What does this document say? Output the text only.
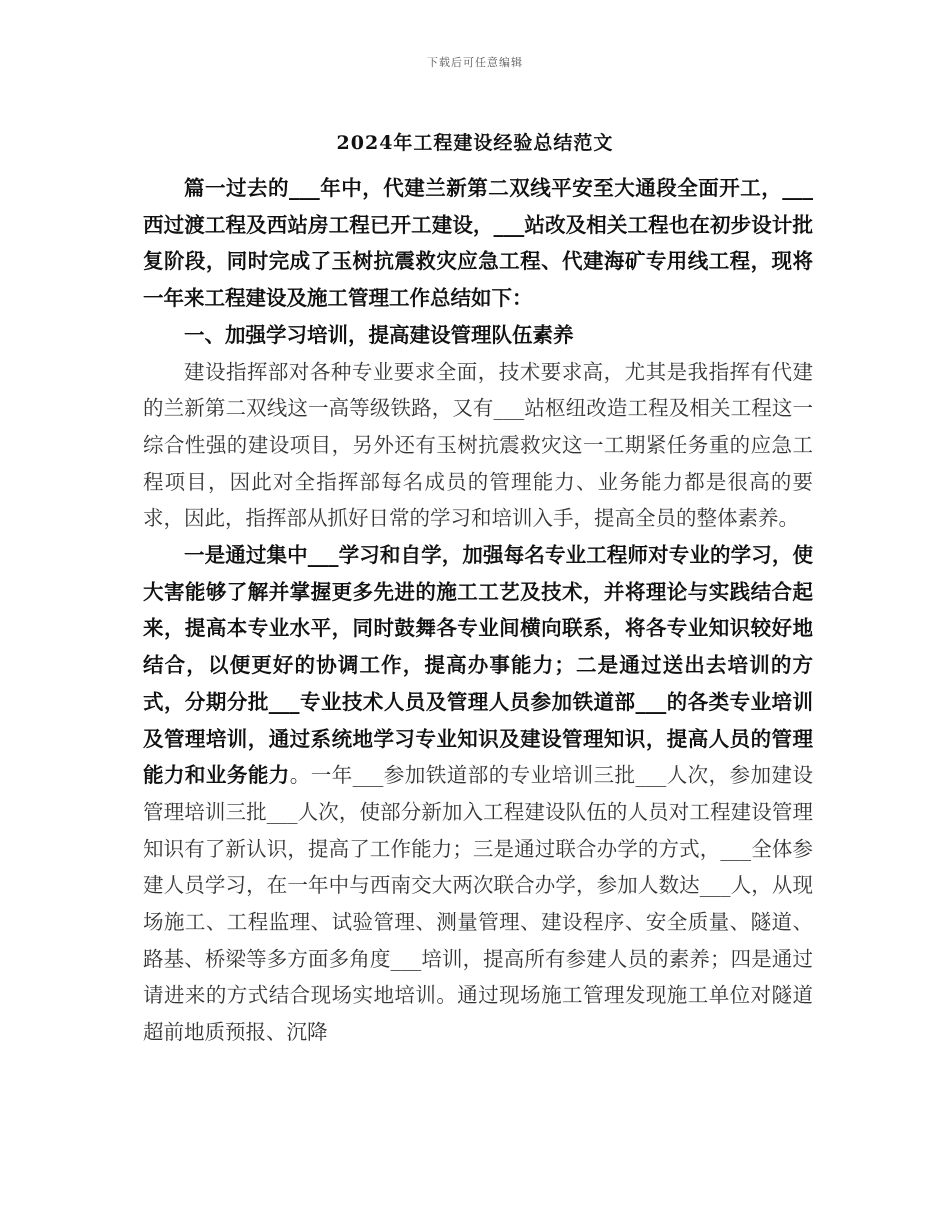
下载后可任意编辑
2024年工程建设经验总结范文

篇一过去的___年中，代建兰新第二双线平安至大通段全面开工，___西过渡工程及西站房工程已开工建设，___站改及相关工程也在初步设计批复阶段，同时完成了玉树抗震救灾应急工程、代建海矿专用线工程，现将一年来工程建设及施工管理工作总结如下：

一、加强学习培训，提高建设管理队伍素养

建设指挥部对各种专业要求全面，技术要求高，尤其是我指挥有代建的兰新第二双线这一高等级铁路，又有___站枢纽改造工程及相关工程这一综合性强的建设项目，另外还有玉树抗震救灾这一工期紧任务重的应急工程项目，因此对全指挥部每名成员的管理能力、业务能力都是很高的要求，因此，指挥部从抓好日常的学习和培训入手，提高全员的整体素养。

一是通过集中___学习和自学，加强每名专业工程师对专业的学习，使大害能够了解并掌握更多先进的施工工艺及技术，并将理论与实践结合起来，提高本专业水平，同时鼓舞各专业间横向联系，将各专业知识较好地结合，以便更好的协调工作，提高办事能力；二是通过送出去培训的方式，分期分批___专业技术人员及管理人员参加铁道部___的各类专业培训及管理培训，通过系统地学习专业知识及建设管理知识，提高人员的管理能力和业务能力。一年___参加铁道部的专业培训三批___人次，参加建设管理培训三批___人次，使部分新加入工程建设队伍的人员对工程建设管理知识有了新认识，提高了工作能力；三是通过联合办学的方式，___全体参建人员学习，在一年中与西南交大两次联合办学，参加人数达___人，从现场施工、工程监理、试验管理、测量管理、建设程序、安全质量、隧道、路基、桥梁等多方面多角度___培训，提高所有参建人员的素养；四是通过请进来的方式结合现场实地培训。通过现场施工管理发现施工单位对隧道超前地质预报、沉降
